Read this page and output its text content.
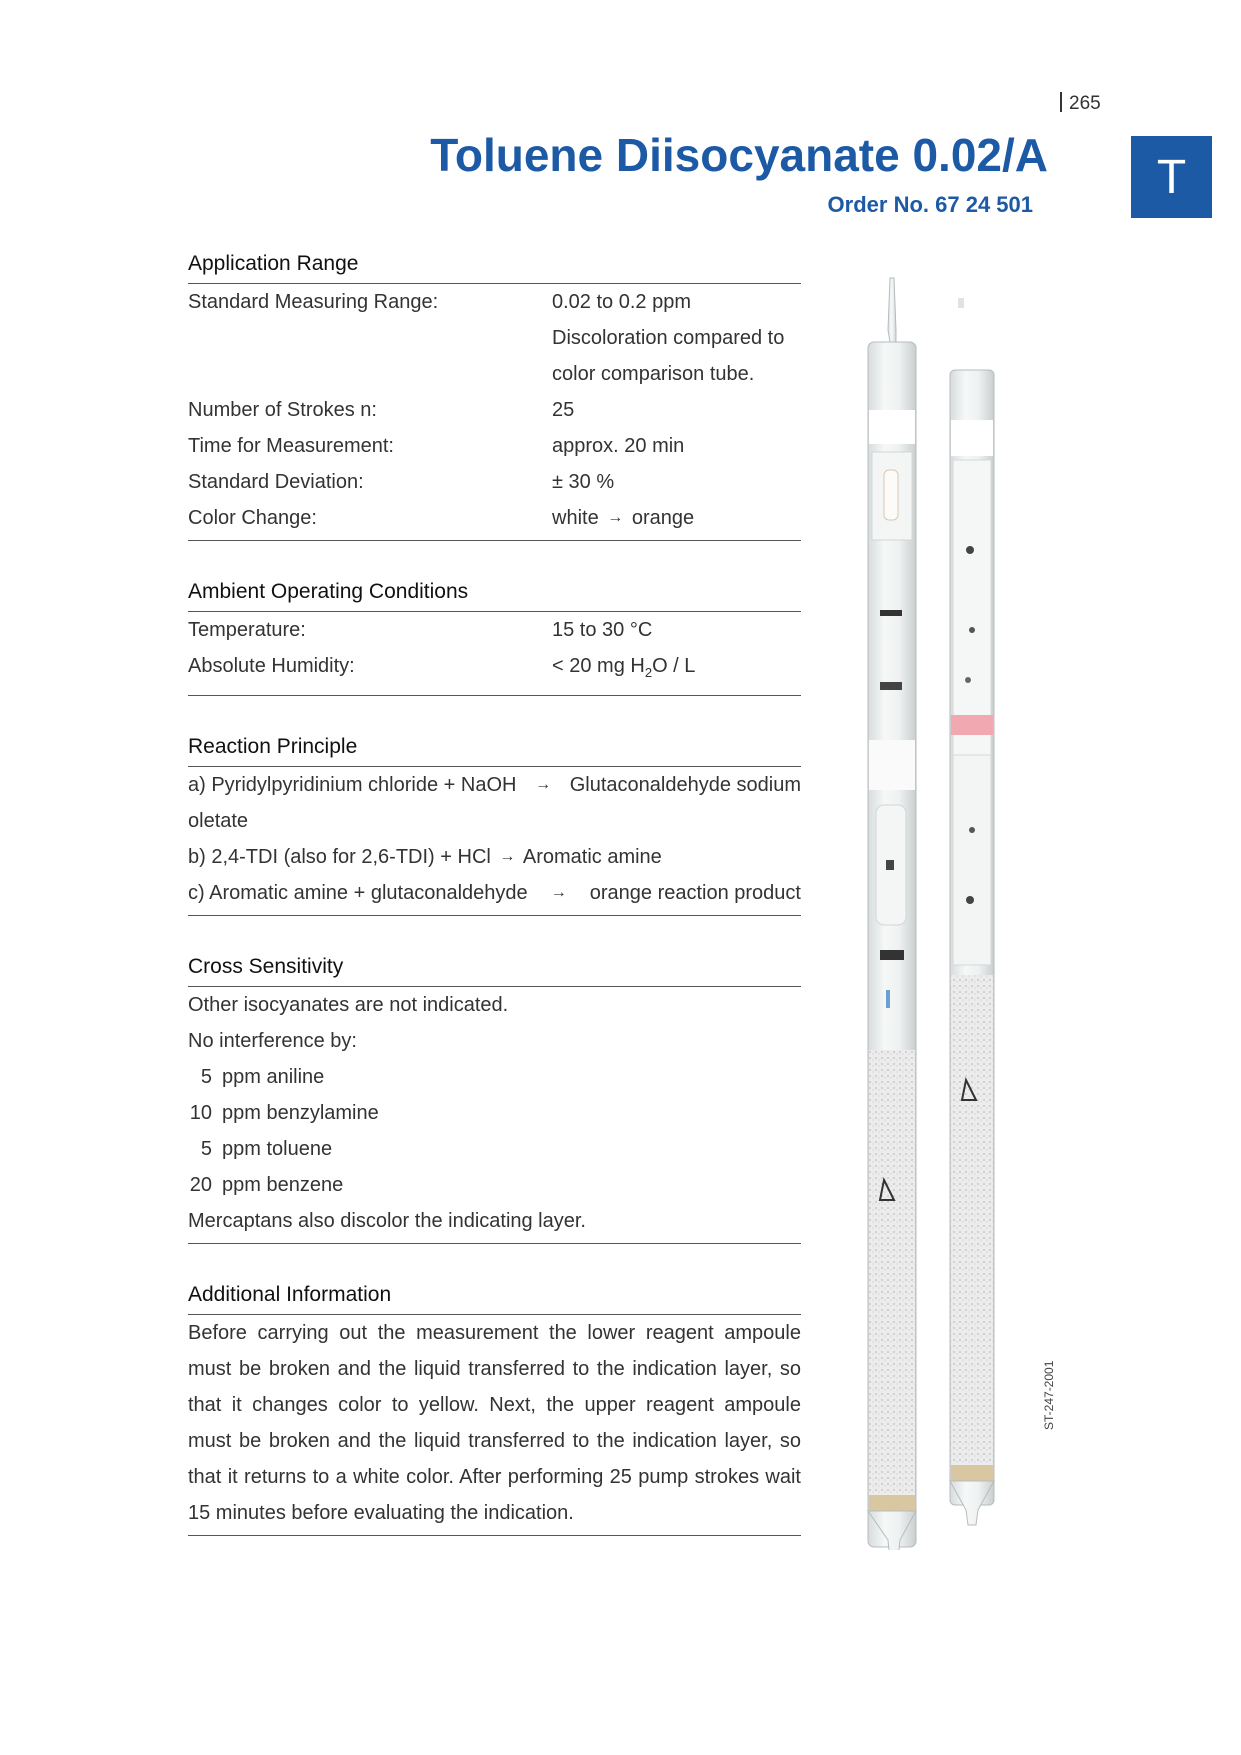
265
T
Toluene Diisocyanate 0.02/A
Order No. 67 24 501
Application Range
Standard Measuring Range:	0.02 to 0.2 ppm
Discoloration compared to
color comparison tube.
Number of Strokes n:	25
Time for Measurement:	approx. 20 min
Standard Deviation:	± 30 %
Color Change:	white → orange
Ambient Operating Conditions
Temperature:	15 to 30 °C
Absolute Humidity:	< 20 mg $H_2O$ / L
Reaction Principle
a) Pyridylpyridinium chloride + NaOH → Glutaconaldehyde sodium
oletate
b) 2,4-TDI (also for 2,6-TDI) + HCl → Aromatic amine
c) Aromatic amine + glutaconaldehyde → orange reaction product
Cross Sensitivity
Other isocyanates are not indicated.
No interference by:
5 ppm aniline
10 ppm benzylamine
5 ppm toluene
20 ppm benzene
Mercaptans also discolor the indicating layer.
Additional Information
Before carrying out the measurement the lower reagent ampoule must be broken and the liquid transferred to the indication layer, so that it changes color to yellow. Next, the upper reagent ampoule must be broken and the liquid transferred to the indication layer, so that it returns to a white color. After performing 25 pump strokes wait 15 minutes before evaluating the indication.
ST-247-2001
